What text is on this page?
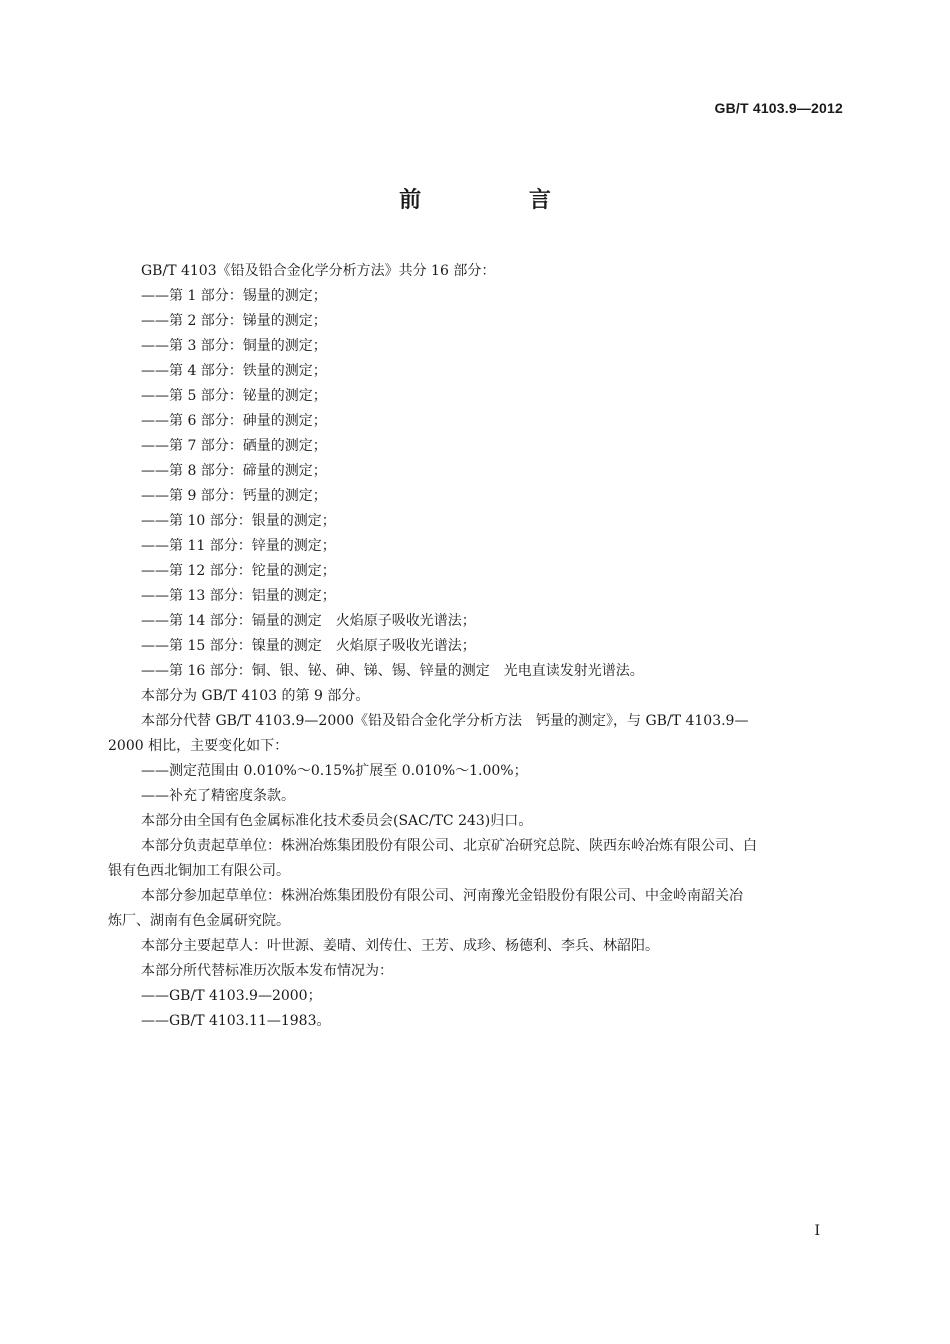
GB/T 4103.9—2012
前 言

GB/T 4103《铅及铅合金化学分析方法》共分 16 部分：

——第 1 部分：锡量的测定；

——第 2 部分：锑量的测定；

——第 3 部分：铜量的测定；

——第 4 部分：铁量的测定；

——第 5 部分：铋量的测定；

——第 6 部分：砷量的测定；

——第 7 部分：硒量的测定；

——第 8 部分：碲量的测定；

——第 9 部分：钙量的测定；

——第 10 部分：银量的测定；

——第 11 部分：锌量的测定；

——第 12 部分：铊量的测定；

——第 13 部分：铝量的测定；

——第 14 部分：镉量的测定　火焰原子吸收光谱法；

——第 15 部分：镍量的测定　火焰原子吸收光谱法；

——第 16 部分：铜、银、铋、砷、锑、锡、锌量的测定　光电直读发射光谱法。

本部分为 GB/T 4103 的第 9 部分。

本部分代替 GB/T 4103.9—2000《铅及铅合金化学分析方法　钙量的测定》，与 GB/T 4103.9—

2000 相比，主要变化如下：

——测定范围由 0.010%～0.15%扩展至 0.010%～1.00%；

——补充了精密度条款。

本部分由全国有色金属标准化技术委员会(SAC/TC 243)归口。

本部分负责起草单位：株洲冶炼集团股份有限公司、北京矿冶研究总院、陕西东岭冶炼有限公司、白

银有色西北铜加工有限公司。

本部分参加起草单位：株洲冶炼集团股份有限公司、河南豫光金铅股份有限公司、中金岭南韶关冶

炼厂、湖南有色金属研究院。

本部分主要起草人：叶世源、姜晴、刘传仕、王芳、成珍、杨德利、李兵、林韶阳。

本部分所代替标准历次版本发布情况为：

——GB/T 4103.9—2000；

——GB/T 4103.11—1983。

I
